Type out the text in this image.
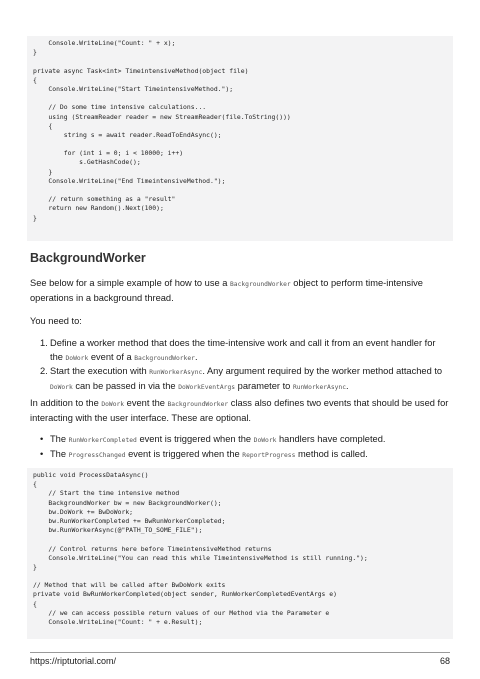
Console.WriteLine("Count: " + x);
}
private async Task<int> TimeintensiveMethod(object file)
{
Console.WriteLine("Start TimeintensiveMethod.");
// Do some time intensive calculations...
using (StreamReader reader = new StreamReader(file.ToString()))
{
string s = await reader.ReadToEndAsync();
for (int i = 0; i < 10000; i++)
s.GetHashCode();
}
Console.WriteLine("End TimeintensiveMethod.");
// return something as a "result"
return new Random().Next(100);
}
BackgroundWorker
See below for a simple example of how to use a BackgroundWorker object to perform time-intensive operations in a background thread.
You need to:
1. Define a worker method that does the time-intensive work and call it from an event handler for the DoWork event of a BackgroundWorker.
2. Start the execution with RunWorkerAsync. Any argument required by the worker method attached to DoWork can be passed in via the DoWorkEventArgs parameter to RunWorkerAsync.
In addition to the DoWork event the BackgroundWorker class also defines two events that should be used for interacting with the user interface. These are optional.
• The RunWorkerCompleted event is triggered when the DoWork handlers have completed.
• The ProgressChanged event is triggered when the ReportProgress method is called.
public void ProcessDataAsync()
{
// Start the time intensive method
BackgroundWorker bw = new BackgroundWorker();
bw.DoWork += BwDoWork;
bw.RunWorkerCompleted += BwRunWorkerCompleted;
bw.RunWorkerAsync(@"PATH_TO_SOME_FILE");
// Control returns here before TimeintensiveMethod returns
Console.WriteLine("You can read this while TimeintensiveMethod is still running.");
}
// Method that will be called after BwDoWork exits
private void BwRunWorkerCompleted(object sender, RunWorkerCompletedEventArgs e)
{
// we can access possible return values of our Method via the Parameter e
Console.WriteLine("Count: " + e.Result);
https://riptutorial.com/	68
